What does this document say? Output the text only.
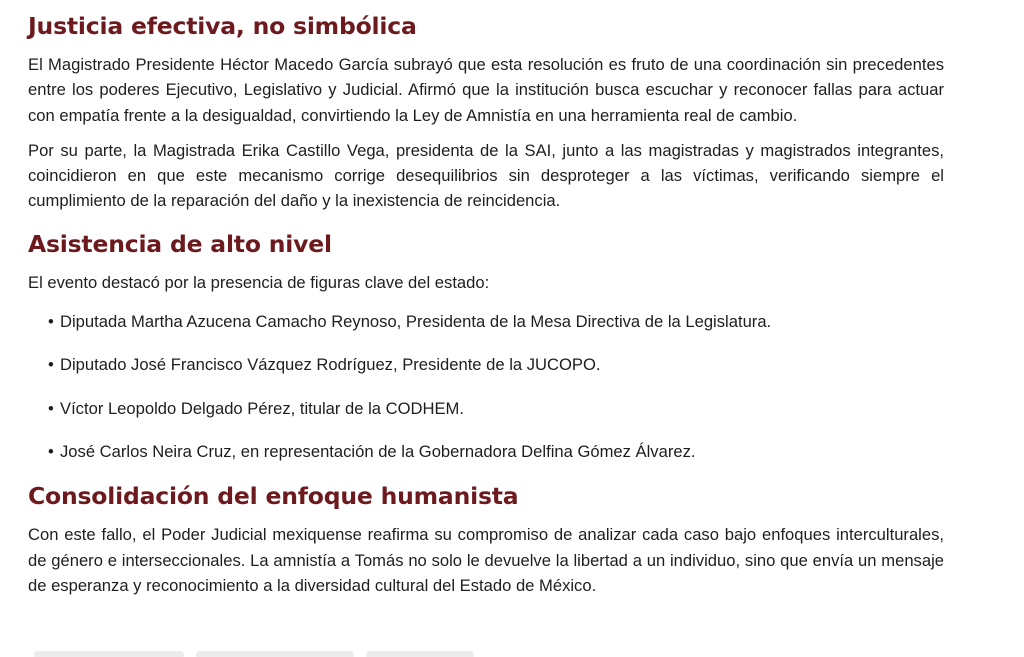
Justicia efectiva, no simbólica

El Magistrado Presidente Héctor Macedo García subrayó que esta resolución es fruto de una coordinación sin precedentes entre los poderes Ejecutivo, Legislativo y Judicial. Afirmó que la institución busca escuchar y reconocer fallas para actuar con empatía frente a la desigualdad, convirtiendo la Ley de Amnistía en una herramienta real de cambio.

Por su parte, la Magistrada Erika Castillo Vega, presidenta de la SAI, junto a las magistradas y magistrados integrantes, coincidieron en que este mecanismo corrige desequilibrios sin desproteger a las víctimas, verificando siempre el cumplimiento de la reparación del daño y la inexistencia de reincidencia.

Asistencia de alto nivel

El evento destacó por la presencia de figuras clave del estado:

• Diputada Martha Azucena Camacho Reynoso, Presidenta de la Mesa Directiva de la Legislatura.
• Diputado José Francisco Vázquez Rodríguez, Presidente de la JUCOPO.
• Víctor Leopoldo Delgado Pérez, titular de la CODHEM.
• José Carlos Neira Cruz, en representación de la Gobernadora Delfina Gómez Álvarez.
Consolidación del enfoque humanista

Con este fallo, el Poder Judicial mexiquense reafirma su compromiso de analizar cada caso bajo enfoques interculturales, de género e interseccionales. La amnistía a Tomás no solo le devuelve la libertad a un individuo, sino que envía un mensaje de esperanza y reconocimiento a la diversidad cultural del Estado de México.
